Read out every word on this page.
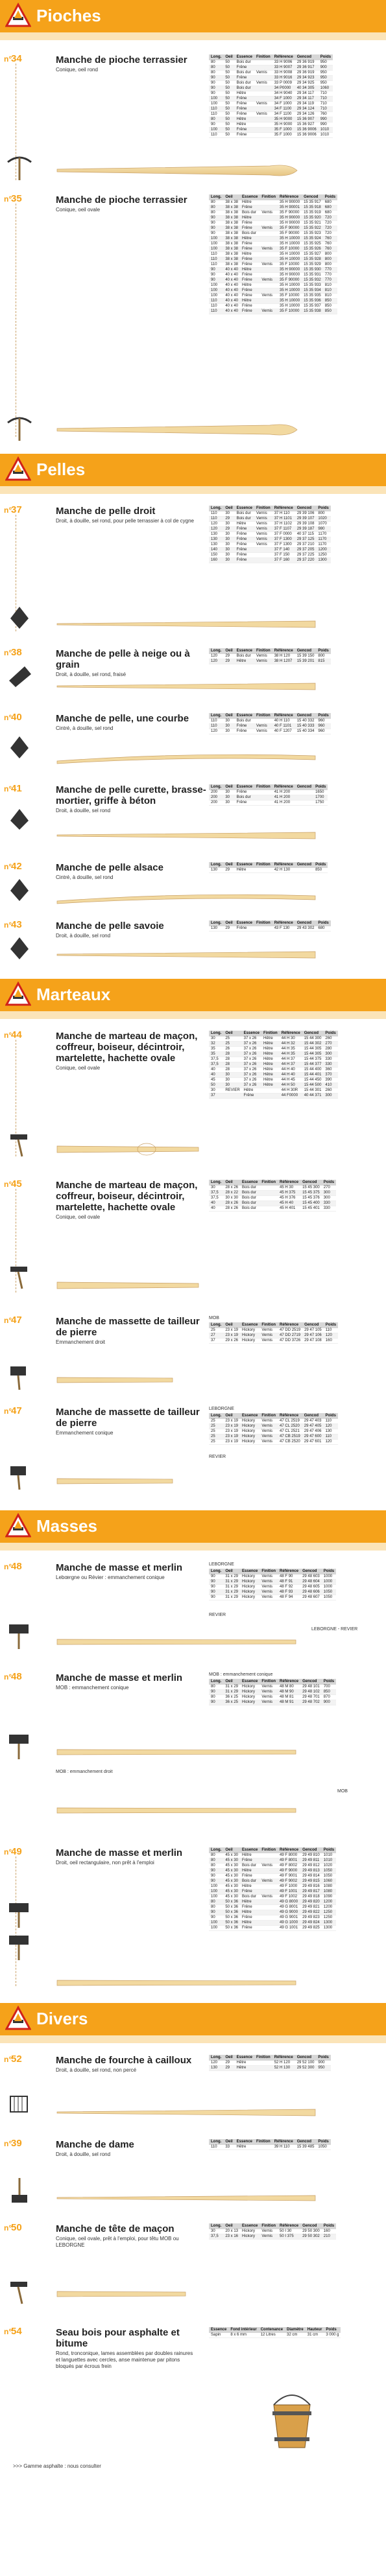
Pioches
n°
34	Manche de pioche terrassier
Conique, oeil rond
Long.	Oeil	Essence	Finition	Référence	Gencod	Poids
80	50	Bois dur		33 H 9006	29 36 919	950
80	50	Frêne		33 H 9007	29 36 917	900
80	50	Bois dur	Vernis	33 H 9008	29 36 919	950
90	50	Frêne		33 H 9016	29 34 923	950
90	50	Bois dur	Vernis	33 P 0009	29 34 925	950
90	50	Bois dur		34 P0000	40 34 305	1060
90	50	Hêtre		34 H 9040	29 34 117	710
100	50	Frêne		34 F 1000	29 34 117	710
100	50	Frêne	Vernis	34 F 1000	29 34 119	710
110	50	Frêne		34 F 1100	29 34 124	710
110	50	Frêne	Vernis	34 F 1100	29 34 126	760
80	50	Hêtre		35 H 9000	15 36 907	990
90	50	Hêtre		35 H 9000	15 36 927	990
100	50	Frêne		35 F 1000	15 36 9006	1010
110	50	Frêne		35 F 1000	15 36 9006	1010
n°
35	Manche de pioche terrassier
Conique, oeil ovale
Long.	Oeil	Essence	Finition	Référence	Gencod	Poids
80	38 x 38	Hêtre		35 H 90000	15 35 917	680
80	38 x 38	Frêne		35 H 90001	15 35 918	680
80	38 x 38	Bois dur	Vernis	35 F 90000	15 35 919	680
90	38 x 38	Hêtre		35 H 90000	15 35 920	720
90	38 x 38	Frêne		35 H 90000	15 35 921	720
90	38 x 38	Frêne	Vernis	35 F 90000	15 35 922	720
90	38 x 38	Bois dur		35 F 90000	15 35 923	720
100	38 x 38	Hêtre		35 H 10000	15 35 924	760
100	38 x 38	Frêne		35 H 10000	15 35 925	760
100	38 x 38	Frêne	Vernis	35 F 10000	15 35 926	760
110	38 x 38	Hêtre		35 H 10000	15 35 927	800
110	38 x 38	Frêne		35 H 10000	15 35 928	800
110	38 x 38	Frêne	Vernis	35 F 10000	15 35 929	800
90	40 x 40	Hêtre		35 H 90000	15 35 930	770
90	40 x 40	Frêne		35 H 90000	15 35 931	770
90	40 x 40	Frêne	Vernis	35 F 90000	15 35 932	770
100	40 x 40	Hêtre		35 H 10000	15 35 933	810
100	40 x 40	Frêne		35 H 10000	15 35 934	810
100	40 x 40	Frêne	Vernis	35 F 10000	15 35 935	810
110	40 x 40	Hêtre		35 H 10000	15 35 936	850
110	40 x 40	Frêne		35 H 10000	15 35 937	850
110	40 x 40	Frêne	Vernis	35 F 10000	15 35 938	850
Pelles
n°
37	Manche de pelle droit
Droit, à douille, sel rond, pour pelle terrassier à col de cygne
Long.	Oeil	Essence	Finition	Référence	Gencod	Poids
110	30	Bois dur	Vernis	37 H 110	29 39 106	800
110	29	Bois dur	Vernis	37 H 1101	29 39 107	1020
120	30	Hêtre	Vernis	37 H 1102	29 39 108	1070
120	29	Frêne	Vernis	37 F 1107	29 39 187	980
130	30	Frêne	Vernis	37 F 0000	40 37 115	1170
130	30	Frêne	Vernis	37 F 1300	29 37 125	1170
130	30	Frêne	Vernis	37 F 1300	29 37 210	1170
140	30	Frêne		37 F 140	29 37 205	1200
150	30	Frêne		37 F 150	29 37 225	1250
160	30	Frêne		37 F 160	29 37 220	1300
n°
38	Manche de pelle à neige ou à grain
Droit, à douille, sel rond, fraisé
Long.	Oeil	Essence	Finition	Référence	Gencod	Poids
120	29	Bois dur	Vernis	38 H 120	15 39 150	800
120	29	Hêtre	Vernis	38 H 1207	15 39 201	815
n°
40	Manche de pelle, une courbe
Cintré, à douille, sel rond
Long.	Oeil	Essence	Finition	Référence	Gencod	Poids
110	30	Bois dur		40 H 110	15 40 332	960
110	30	Frêne	Vernis	40 F 1101	15 40 333	960
120	30	Frêne	Vernis	40 F 1207	15 40 334	960
n°
41	Manche de pelle curette, brasse-mortier, griffe à béton
Droit, à douille, sel rond
Long.	Oeil	Essence	Finition	Référence	Gencod	Poids
200	30	Frêne		41 H 200		1650
200	30	Bois dur		41 H 200		1700
200	30	Frêne		41 H 200		1750
n°
42	Manche de pelle alsace
Cintré, à douille, sel rond
Long.	Oeil	Essence	Finition	Référence	Gencod	Poids
130	29	Hêtre		42 H 130		850
n°
43	Manche de pelle savoie
Droit, à douille, sel rond
Long.	Oeil	Essence	Finition	Référence	Gencod	Poids
130	29	Frêne		43 F 130	29 43 302	680
Marteaux
n°
44	Manche de marteau de maçon, coffreur, boiseur, décintroir, martelette, hachette ovale
Conique, oeil ovale
Long.	Oeil	Essence	Finition	Référence	Gencod	Poids
30	25	37 x 26	Hêtre	44 H 30	15 44 300	260
32	25	37 x 26	Hêtre	44 H 32	15 44 302	270
35	26	37 x 26	Hêtre	44 H 35	15 44 305	280
35	28	37 x 26	Hêtre	44 H 35	15 44 305	300
37,5	28	37 x 26	Hêtre	44 H 37	15 44 375	330
37,5	28	37 x 26	Hêtre	44 H 37	15 44 377	330
40	28	37 x 26	Hêtre	44 H 40	15 44 400	360
40	30	37 x 26	Hêtre	44 H 40	15 44 401	370
45	30	37 x 26	Hêtre	44 H 45	15 44 450	390
50	30	37 x 26	Hêtre	44 H 50	15 44 500	410
30	REVIER	Hêtre		44 H 30R	15 44 301	260
37		Frêne		44 F0000	40 44 371	300
n°
45	Manche de marteau de maçon, coffreur, boiseur, décintroir, martelette, hachette ovale
Conique, oeil ovale
Long.	Oeil	Essence	Finition	Référence	Gencod	Poids
30	28 x 26	Bois dur		45 H 30	15 45 300	270
37,5	28 x 22	Bois dur		45 H 375	15 45 375	300
37,5	30 x 30	Bois dur		45 H 376	15 45 376	300
40	28 x 26	Bois dur		45 H 40	15 45 400	330
40	28 x 26	Bois dur		45 H 401	15 45 401	330
n°
47	Manche de massette de tailleur de pierre
Emmanchement droit
MOB
Long.	Oeil	Essence	Finition	Référence	Gencod	Poids
25	23 x 19	Hickory	Vernis	47 DD 2519	29 47 105	110
27	23 x 19	Hickory	Vernis	47 DD 2719	29 47 106	120
37	29 x 26	Hickory	Vernis	47 DD 3726	29 47 108	160
n°
47	Manche de massette de tailleur de pierre
Emmanchement conique
LEBORGNE
Long.	Oeil	Essence	Finition	Référence	Gencod	Poids
25	23 x 19	Hickory	Vernis	47 CL 2519	29 47 403	110
25	23 x 19	Hickory	Vernis	47 CL 2520	29 47 405	120
25	23 x 19	Hickory	Vernis	47 CL 2521	29 47 406	130
25	23 x 19	Hickory	Vernis	47 CB 2519	29 47 600	110
25	23 x 19	Hickory	Vernis	47 CB 2520	29 47 601	120
REVIER
Masses
n°
48	Manche de masse et merlin
Lebœrgne ou Révier : emmanchement conique
LEBORGNE
Long.	Oeil	Essence	Finition	Référence	Gencod	Poids
90	31 x 29	Hickory	Vernis	48 F 90	29 48 603	1000
90	31 x 29	Hickory	Vernis	48 F 91	29 48 604	1000
90	31 x 29	Hickory	Vernis	48 F 92	29 48 605	1000
90	31 x 29	Hickory	Vernis	48 F 93	29 48 606	1050
90	31 x 29	Hickory	Vernis	48 F 94	29 48 607	1050
REVIER
LEBORGNE - REVIER
n°
48	Manche de masse et merlin
MOB : emmanchement conique
MOB : emmanchement conique
Long.	Oeil	Essence	Finition	Référence	Gencod	Poids
80	31 x 29	Hickory	Vernis	48 M 80	29 48 101	700
90	31 x 29	Hickory	Vernis	48 M 90	29 48 102	850
80	36 x 25	Hickory	Vernis	48 M 81	29 48 701	870
90	36 x 25	Hickory	Vernis	48 M 91	29 48 702	900
MOB : emmanchement droit
MOB
n°
49	Manche de masse et merlin
Droit, oeil rectangulaire, non prêt à l'emploi
Long.	Oeil	Essence	Finition	Référence	Gencod	Poids
80	45 x 30	Hêtre		49 F 8000	29 49 810	1010
80	45 x 30	Frêne		49 F 8001	29 49 811	1010
80	45 x 30	Bois dur	Vernis	49 F 8002	29 49 812	1020
90	45 x 30	Hêtre		49 F 9000	29 49 813	1050
90	45 x 30	Frêne		49 F 9001	29 49 814	1050
90	45 x 30	Bois dur	Vernis	49 F 9002	29 49 815	1060
100	45 x 30	Hêtre		49 F 1000	29 49 816	1080
100	45 x 30	Frêne		49 F 1001	29 49 817	1080
100	45 x 30	Bois dur	Vernis	49 F 1002	29 49 818	1090
80	50 x 36	Hêtre		49 G 8000	29 49 820	1200
80	50 x 36	Frêne		49 G 8001	29 49 821	1200
90	50 x 36	Hêtre		49 G 9000	29 49 822	1250
90	50 x 36	Frêne		49 G 9001	29 49 823	1250
100	50 x 36	Hêtre		49 G 1000	29 49 824	1300
100	50 x 36	Frêne		49 G 1001	29 49 825	1300
Divers
n°
52	Manche de fourche à cailloux
Droit, à douille, sel rond, non percé
Long.	Oeil	Essence	Finition	Référence	Gencod	Poids
120	29	Hêtre		52 H 120	29 52 100	900
130	29	Hêtre		52 H 130	29 52 300	950
n°
39	Manche de dame
Droit, à douille, sel rond
Long.	Oeil	Essence	Finition	Référence	Gencod	Poids
110	33	Hêtre		39 H 110	15 39 485	1050
n°
50	Manche de tête de maçon
Conique, oeil ovale, prêt à l'emploi, pour têtu MOB ou LEBORGNE
Long.	Oeil	Essence	Finition	Référence	Gencod	Poids
30	20 x 13	Hickory	Vernis	50 I 30	29 50 300	160
37,5	23 x 16	Hickory	Vernis	50 I 375	29 50 302	210
n°
54	Seau bois pour asphalte et bitume
Rond, tronconique, lames assemblées par doubles rainures et languettes avec cercles, anse maintenue par pitons bloqués par écrous frein
Essence	Fond intérieur	Contenance	Diamètre	Hauteur	Poids
Sapin	8 x 6 mm	12 Litres	32 cm	31 cm	3 000 g
>>> Gamme asphalte : nous consulter
